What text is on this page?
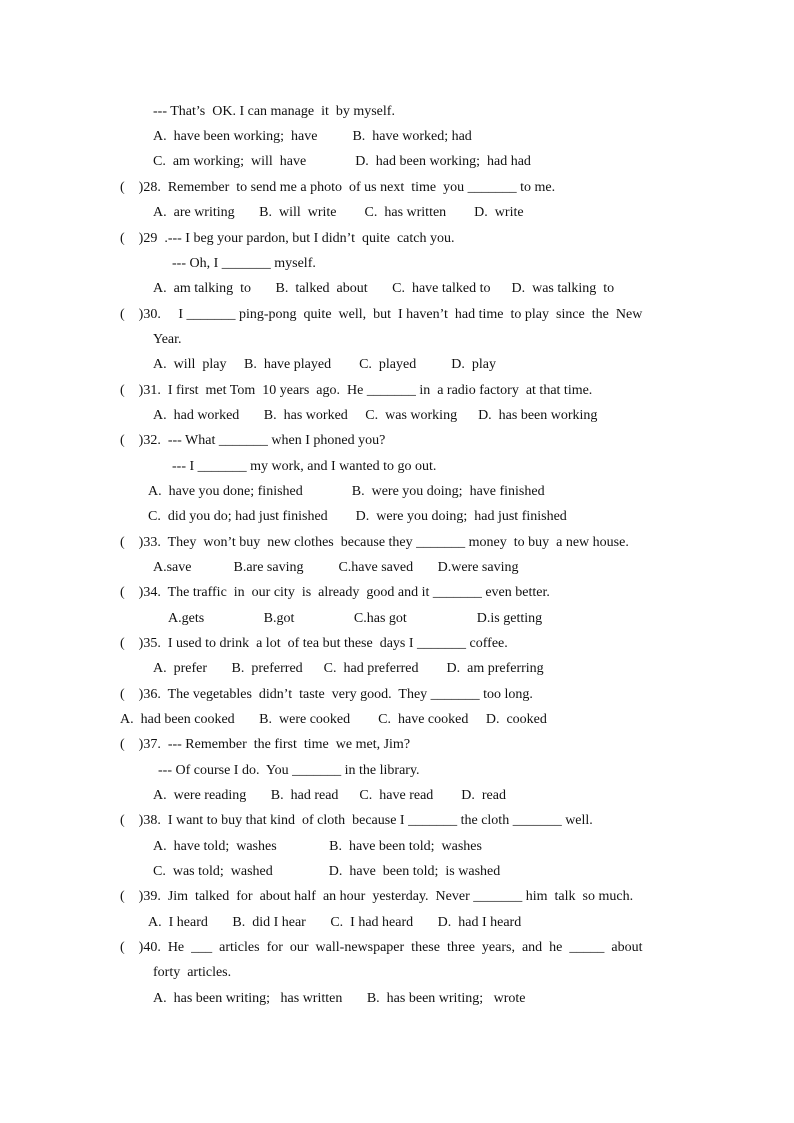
--- That’s  OK. I can manage  it  by myself.
A.  have been working;  have          B.  have worked; had
C.  am working;  will  have              D.  had been working;  had had
(    )28.  Remember  to send me a photo  of us next  time  you _______ to me.
A.  are writing       B.  will  write        C.  has written        D.  write
(    )29  .--- I beg your pardon, but I didn’t  quite  catch you.
--- Oh, I _______ myself.
A.  am talking  to       B.  talked  about       C.  have talked to      D.  was talking  to
(    )30.     I _______ ping-pong  quite  well,  but  I haven’t  had time  to play  since  the  New
Year.
A.  will  play     B.  have played        C.  played          D.  play
(    )31.  I first  met Tom  10 years  ago.  He _______ in  a radio factory  at that time.
A.  had worked       B.  has worked     C.  was working      D.  has been working
(    )32.  --- What _______ when I phoned you?
--- I _______ my work, and I wanted to go out.
A.  have you done; finished              B.  were you doing;  have finished
C.  did you do; had just finished        D.  were you doing;  had just finished
(    )33.  They  won’t buy  new clothes  because they _______ money  to buy  a new house.
A.save            B.are saving          C.have saved       D.were saving
(    )34.  The traffic  in  our city  is  already  good and it _______ even better.
A.gets                 B.got                 C.has got                    D.is getting
(    )35.  I used to drink  a lot  of tea but these  days I _______ coffee.
A.  prefer       B.  preferred      C.  had preferred        D.  am preferring
(    )36.  The vegetables  didn’t  taste  very good.  They _______ too long.
A.  had been cooked       B.  were cooked        C.  have cooked     D.  cooked
(    )37.  --- Remember  the first  time  we met, Jim?
--- Of course I do.  You _______ in the library.
A.  were reading       B.  had read      C.  have read        D.  read
(    )38.  I want to buy that kind  of cloth  because I _______ the cloth _______ well.
A.  have told;  washes               B.  have been told;  washes
C.  was told;  washed                D.  have  been told;  is washed
(    )39.  Jim  talked  for  about half  an hour  yesterday.  Never _______ him  talk  so much.
A.  I heard       B.  did I hear       C.  I had heard       D.  had I heard
(    )40.  He  ___  articles  for  our  wall-newspaper  these  three  years,  and  he  _____  about
forty  articles.
A.  has been writing;   has written       B.  has been writing;   wrote
